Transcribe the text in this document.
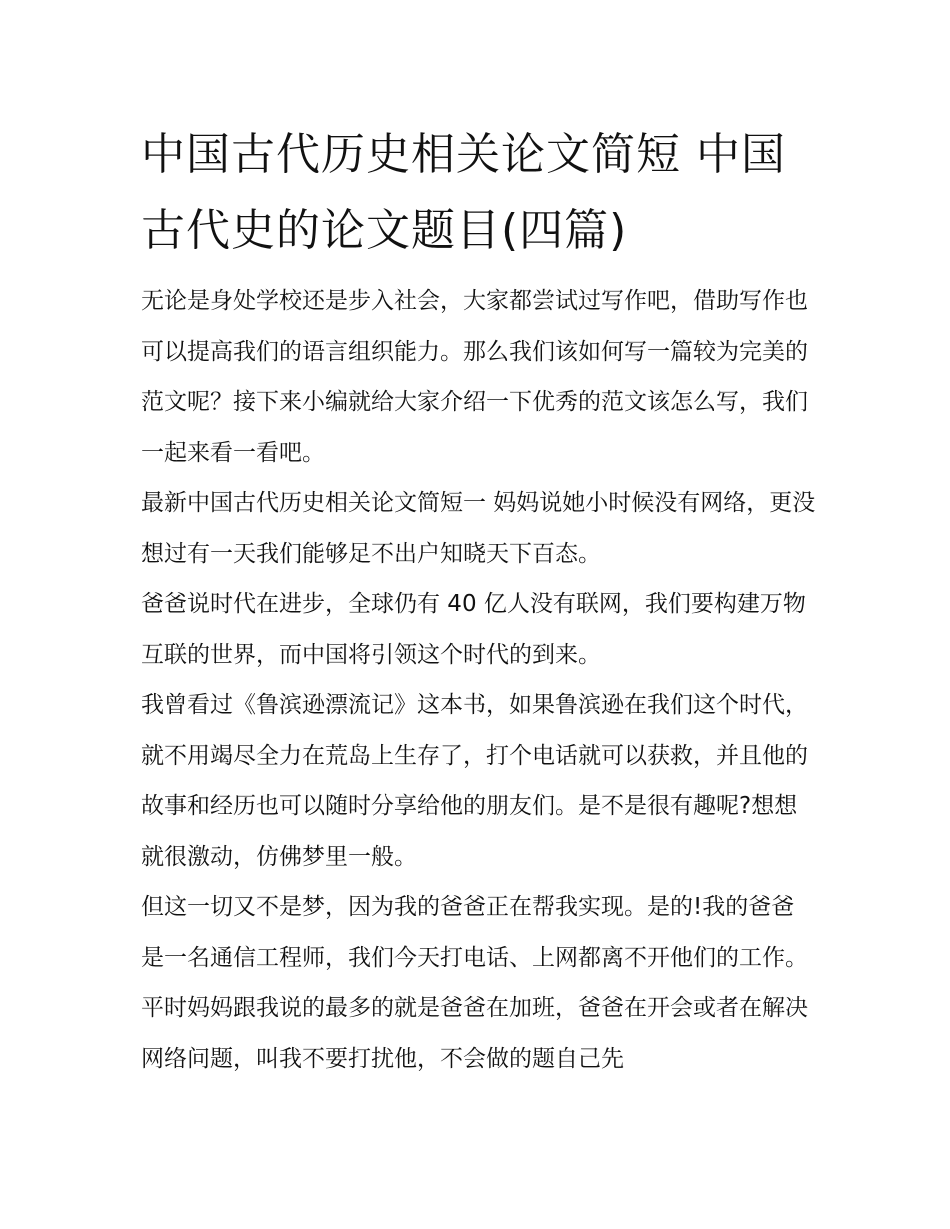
中国古代历史相关论文简短 中国古代史的论文题目(四篇)

无论是身处学校还是步入社会，大家都尝试过写作吧，借助写作也可以提高我们的语言组织能力。那么我们该如何写一篇较为完美的范文呢？接下来小编就给大家介绍一下优秀的范文该怎么写，我们一起来看一看吧。

最新中国古代历史相关论文简短一 妈妈说她小时候没有网络，更没想过有一天我们能够足不出户知晓天下百态。

爸爸说时代在进步，全球仍有 40 亿人没有联网，我们要构建万物互联的世界，而中国将引领这个时代的到来。

我曾看过《鲁滨逊漂流记》这本书，如果鲁滨逊在我们这个时代，就不用竭尽全力在荒岛上生存了，打个电话就可以获救，并且他的故事和经历也可以随时分享给他的朋友们。是不是很有趣呢?想想就很激动，仿佛梦里一般。

但这一切又不是梦，因为我的爸爸正在帮我实现。是的!我的爸爸是一名通信工程师，我们今天打电话、上网都离不开他们的工作。平时妈妈跟我说的最多的就是爸爸在加班，爸爸在开会或者在解决网络问题，叫我不要打扰他，不会做的题自己先
